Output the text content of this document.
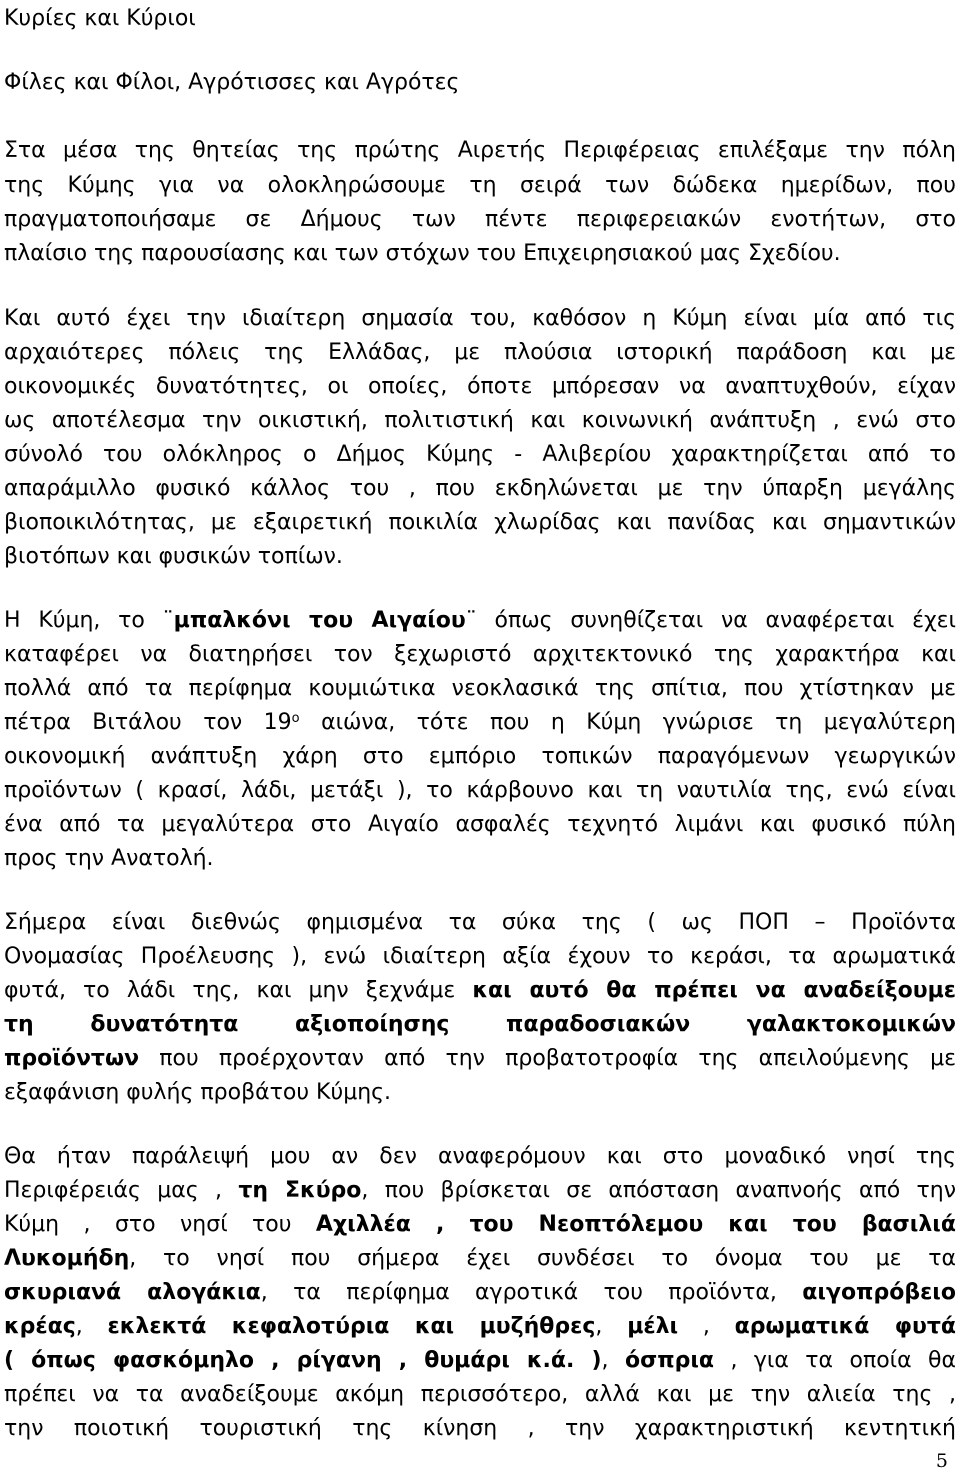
Κυρίες και Κύριοι
Φίλες και Φίλοι, Αγρότισσες και Αγρότες
Στα μέσα της θητείας της πρώτης Αιρετής Περιφέρειας επιλέξαμε την πόλη
της Κύμης για να ολοκληρώσουμε τη σειρά των δώδεκα ημερίδων, που
πραγματοποιήσαμε σε Δήμους των πέντε περιφερειακών ενοτήτων, στο
πλαίσιο της παρουσίασης και των στόχων του Επιχειρησιακού μας Σχεδίου.
Και αυτό έχει την ιδιαίτερη σημασία του, καθόσον η Κύμη είναι μία από τις
αρχαιότερες πόλεις της Ελλάδας, με πλούσια ιστορική παράδοση και με
οικονομικές δυνατότητες, οι οποίες, όποτε μπόρεσαν να αναπτυχθούν, είχαν
ως αποτέλεσμα την οικιστική, πολιτιστική και κοινωνική ανάπτυξη , ενώ στο
σύνολό του ολόκληρος ο Δήμος Κύμης - Αλιβερίου χαρακτηρίζεται από το
απαράμιλλο φυσικό κάλλος του , που εκδηλώνεται με την ύπαρξη μεγάλης
βιοποικιλότητας, με εξαιρετική ποικιλία χλωρίδας και πανίδας και σημαντικών
βιοτόπων και φυσικών τοπίων.
Η Κύμη, το ¨μπαλκόνι του Αιγαίου¨ όπως συνηθίζεται να αναφέρεται έχει
καταφέρει να διατηρήσει τον ξεχωριστό αρχιτεκτονικό της χαρακτήρα και
πολλά από τα περίφημα κουμιώτικα νεοκλασικά της σπίτια, που χτίστηκαν με
πέτρα Βιτάλου τον $19^o$ αιώνα, τότε που η Κύμη γνώρισε τη μεγαλύτερη
οικονομική ανάπτυξη χάρη στο εμπόριο τοπικών παραγόμενων γεωργικών
προϊόντων ( κρασί, λάδι, μετάξι ), το κάρβουνο και τη ναυτιλία της, ενώ είναι
ένα από τα μεγαλύτερα στο Αιγαίο ασφαλές τεχνητό λιμάνι και φυσικό πύλη
προς την Ανατολή.
Σήμερα είναι διεθνώς φημισμένα τα σύκα της ( ως ΠΟΠ – Προϊόντα
Ονομασίας Προέλευσης ), ενώ ιδιαίτερη αξία έχουν το κεράσι, τα αρωματικά
φυτά, το λάδι της, και μην ξεχνάμε και αυτό θα πρέπει να αναδείξουμε
τη δυνατότητα αξιοποίησης παραδοσιακών γαλακτοκομικών
προϊόντων που προέρχονταν από την προβατοτροφία της απειλούμενης με
εξαφάνιση φυλής προβάτου Κύμης.
Θα ήταν παράλειψή μου αν δεν αναφερόμουν και στο μοναδικό νησί της
Περιφέρειάς μας , τη Σκύρο, που βρίσκεται σε απόσταση αναπνοής από την
Κύμη , στο νησί του Αχιλλέα , του Νεοπτόλεμου και του βασιλιά
Λυκομήδη, το νησί που σήμερα έχει συνδέσει το όνομα του με τα
σκυριανά αλογάκια, τα περίφημα αγροτικά του προϊόντα, αιγοπρόβειο
κρέας, εκλεκτά κεφαλοτύρια και μυζήθρες, μέλι , αρωματικά φυτά
( όπως φασκόμηλο , ρίγανη , θυμάρι κ.ά. ), όσπρια , για τα οποία θα
πρέπει να τα αναδείξουμε ακόμη περισσότερο, αλλά και με την αλιεία της ,
την ποιοτική τουριστική της κίνηση , την χαρακτηριστική κεντητική
5
